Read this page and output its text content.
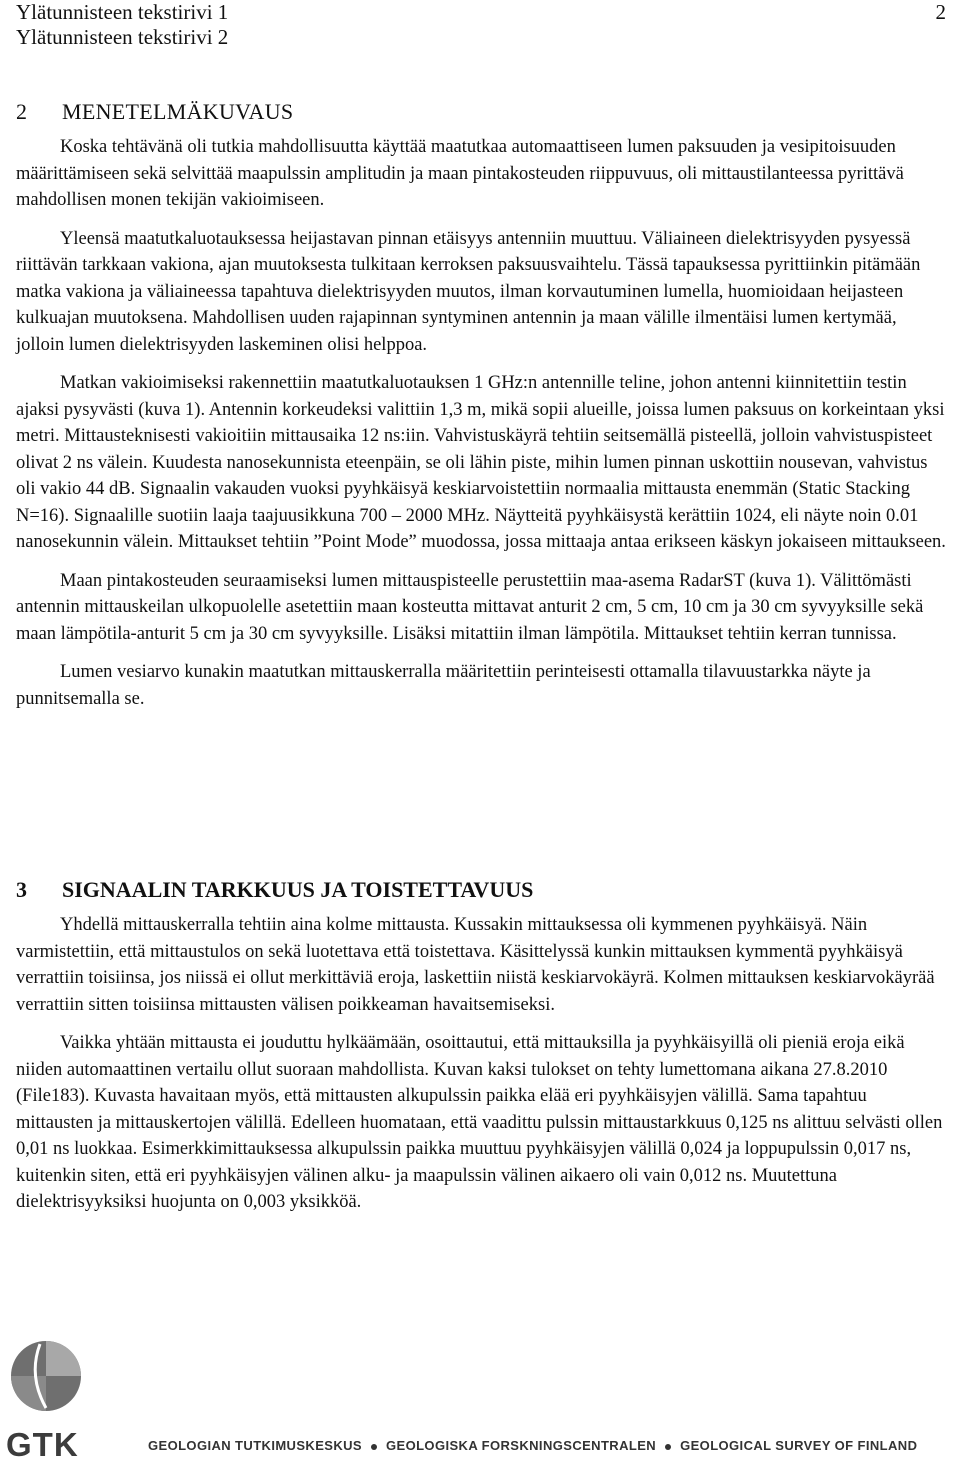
Ylätunnisteen tekstirivi 1	2
Ylätunnisteen tekstirivi 2
2	MENETELMÄKUVAUS

Koska tehtävänä oli tutkia mahdollisuutta käyttää maatutkaa automaattiseen lumen paksuuden ja vesipitoisuuden määrittämiseen sekä selvittää maapulssin amplitudin ja maan pintakosteuden riippuvuus, oli mittaustilanteessa pyrittävä mahdollisen monen tekijän vakioimiseen.

Yleensä maatutkaluotauksessa heijastavan pinnan etäisyys antenniin muuttuu. Väliaineen dielektrisyyden pysyessä riittävän tarkkaan vakiona, ajan muutoksesta tulkitaan kerroksen paksuusvaihtelu. Tässä tapauksessa pyrittiinkin pitämään matka vakiona ja väliaineessa tapahtuva dielektrisyyden muutos, ilman korvautuminen lumella, huomioidaan heijasteen kulkuajan muutoksena. Mahdollisen uuden rajapinnan syntyminen antennin ja maan välille ilmentäisi lumen kertymää, jolloin lumen dielektrisyyden laskeminen olisi helppoa.

Matkan vakioimiseksi rakennettiin maatutkaluotauksen 1 GHz:n antennille teline, johon antenni kiinnitettiin testin ajaksi pysyvästi (kuva 1). Antennin korkeudeksi valittiin 1,3 m, mikä sopii alueille, joissa lumen paksuus on korkeintaan yksi metri. Mittausteknisesti vakioitiin mittausaika 12 ns:iin. Vahvistuskäyrä tehtiin seitsemällä pisteellä, jolloin vahvistuspisteet olivat 2 ns välein. Kuudesta nanosekunnista eteenpäin, se oli lähin piste, mihin lumen pinnan uskottiin nousevan, vahvistus oli vakio 44 dB. Signaalin vakauden vuoksi pyyhkäisyä keskiarvoistettiin normaalia mittausta enemmän (Static Stacking N=16). Signaalille suotiin laaja taajuusikkuna 700 – 2000 MHz. Näytteitä pyyhkäisystä kerättiin 1024, eli näyte noin 0.01 nanosekunnin välein. Mittaukset tehtiin ”Point Mode” muodossa, jossa mittaaja antaa erikseen käskyn jokaiseen mittaukseen.

Maan pintakosteuden seuraamiseksi lumen mittauspisteelle perustettiin maa-asema RadarST (kuva 1). Välittömästi antennin mittauskeilan ulkopuolelle asetettiin maan kosteutta mittavat anturit 2 cm, 5 cm, 10 cm ja 30 cm syvyyksille sekä maan lämpötila-anturit 5 cm ja 30 cm syvyyksille. Lisäksi mitattiin ilman lämpötila. Mittaukset tehtiin kerran tunnissa.

Lumen vesiarvo kunakin maatutkan mittauskerralla määritettiin perinteisesti ottamalla tilavuustarkka näyte ja punnitsemalla se.

3	SIGNAALIN TARKKUUS JA TOISTETTAVUUS

Yhdellä mittauskerralla tehtiin aina kolme mittausta. Kussakin mittauksessa oli kymmenen pyyhkäisyä. Näin varmistettiin, että mittaustulos on sekä luotettava että toistettava. Käsittelyssä kunkin mittauksen kymmentä pyyhkäisyä verrattiin toisiinsa, jos niissä ei ollut merkittäviä eroja, laskettiin niistä keskiarvokäyrä. Kolmen mittauksen keskiarvokäyrää verrattiin sitten toisiinsa mittausten välisen poikkeaman havaitsemiseksi.

Vaikka yhtään mittausta ei jouduttu hylkäämään, osoittautui, että mittauksilla ja pyyhkäisyillä oli pieniä eroja eikä niiden automaattinen vertailu ollut suoraan mahdollista. Kuvan kaksi tulokset on tehty lumettomana aikana 27.8.2010 (File183). Kuvasta havaitaan myös, että mittausten alkupulssin paikka elää eri pyyhkäisyjen välillä. Sama tapahtuu mittausten ja mittauskertojen välillä. Edelleen huomataan, että vaadittu pulssin mittaustarkkuus 0,125 ns alittuu selvästi ollen 0,01 ns luokkaa. Esimerkkimittauksessa alkupulssin paikka muuttuu pyyhkäisyjen välillä 0,024 ja loppupulssin 0,017 ns, kuitenkin siten, että eri pyyhkäisyjen välinen alku- ja maapulssin välinen aikaero oli vain 0,012 ns. Muutettuna dielektrisyyksiksi huojunta on 0,003 yksikköä.

GTK	GEOLOGIAN TUTKIMUSKESKUS GEOLOGISKA FORSKNINGSCENTRALEN GEOLOGICAL SURVEY OF FINLAND
